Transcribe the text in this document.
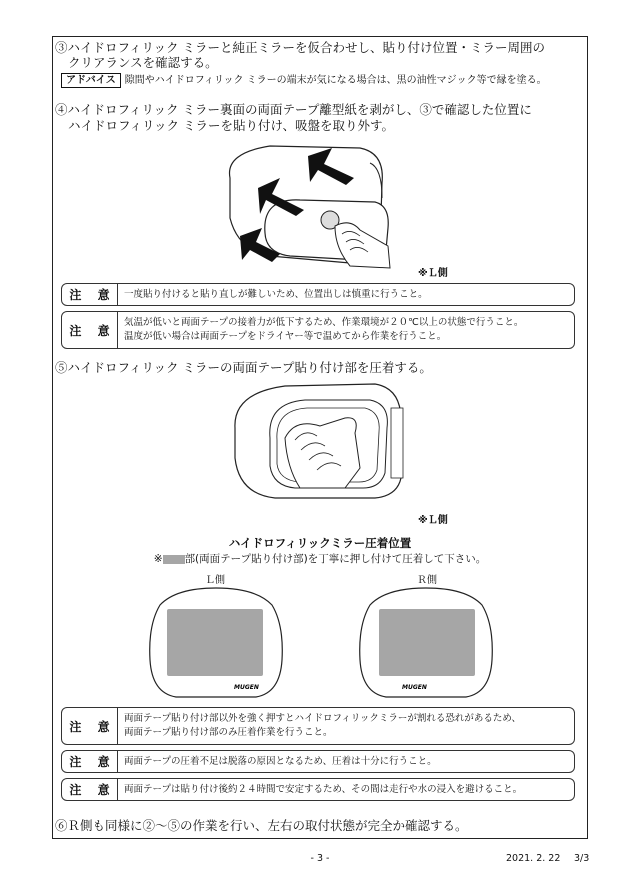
③ハイドロフィリック ミラーと純正ミラーを仮合わせし、貼り付け位置・ミラー周囲の
クリアランスを確認する。
アドバイス 隙間やハイドロフィリック ミラーの端末が気になる場合は、黒の油性マジック等で縁を塗る。
④ハイドロフィリック ミラー裏面の両面テープ離型紙を剥がし、③で確認した位置に
ハイドロフィリック ミラーを貼り付け、吸盤を取り外す。
※Ｌ側
注 意 一度貼り付けると貼り直しが難しいため、位置出しは慎重に行うこと。
注 意
気温が低いと両面テープの接着力が低下するため、作業環境が２０℃以上の状態で行うこと。
温度が低い場合は両面テープをドライヤー等で温めてから作業を行うこと。
⑤ハイドロフィリック ミラーの両面テープ貼り付け部を圧着する。
※Ｌ側
ハイドロフィリックミラー圧着位置
※ 部(両面テープ貼り付け部)を丁寧に押し付けて圧着して下さい。
Ｌ側	Ｒ側
MUGEN	MUGEN
注 意
両面テープ貼り付け部以外を強く押すとハイドロフィリックミラーが割れる恐れがあるため、
両面テープ貼り付け部のみ圧着作業を行うこと。
注 意 両面テープの圧着不足は脱落の原因となるため、圧着は十分に行うこと。
注 意 両面テープは貼り付け後約２４時間で安定するため、その間は走行や水の浸入を避けること。
⑥Ｒ側も同様に②～⑤の作業を行い、左右の取付状態が完全か確認する。
- 3 -	2021. 2. 22 3/3
